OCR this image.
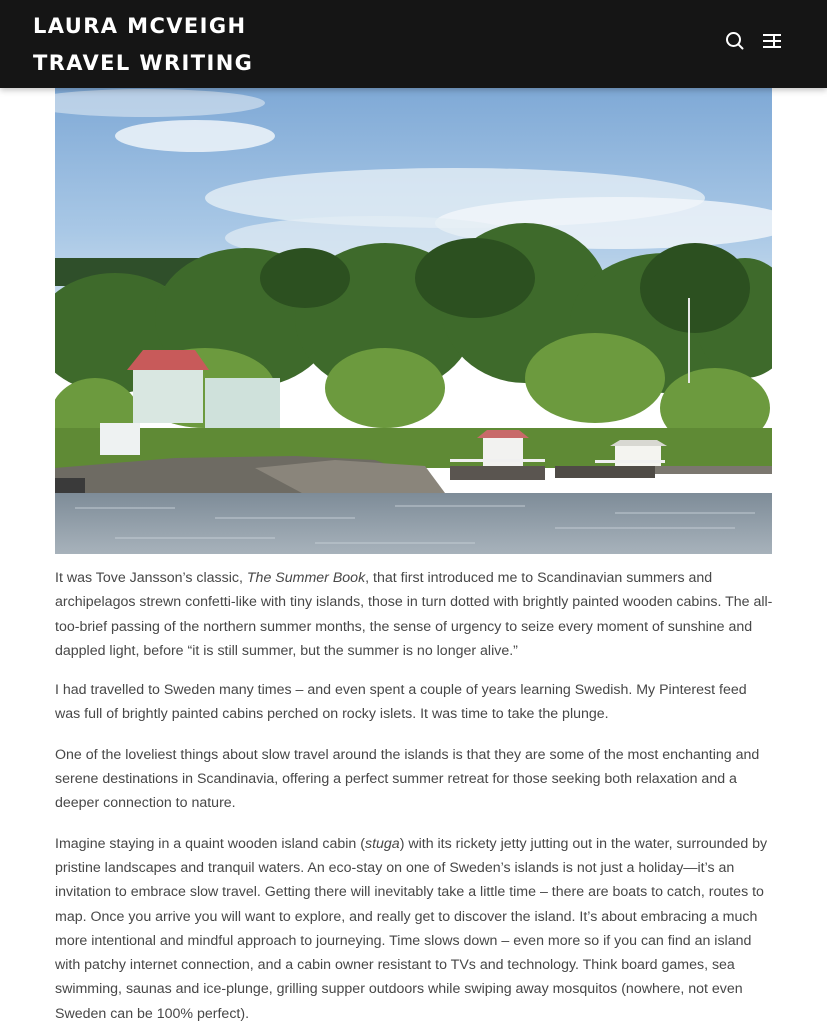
LAURA MCVEIGH
TRAVEL WRITING

It was Tove Jansson’s classic, The Summer Book, that first introduced me to Scandinavian summers and archipelagos strewn confetti-like with tiny islands, those in turn dotted with brightly painted wooden cabins. The all-too-brief passing of the northern summer months, the sense of urgency to seize every moment of sunshine and dappled light, before “it is still summer, but the summer is no longer alive.”

I had travelled to Sweden many times – and even spent a couple of years learning Swedish. My Pinterest feed was full of brightly painted cabins perched on rocky islets. It was time to take the plunge.

One of the loveliest things about slow travel around the islands is that they are some of the most enchanting and serene destinations in Scandinavia, offering a perfect summer retreat for those seeking both relaxation and a deeper connection to nature.

Imagine staying in a quaint wooden island cabin (stuga) with its rickety jetty jutting out in the water, surrounded by pristine landscapes and tranquil waters. An eco-stay on one of Sweden’s islands is not just a holiday—it’s an invitation to embrace slow travel. Getting there will inevitably take a little time – there are boats to catch, routes to map. Once you arrive you will want to explore, and really get to discover the island. It’s about embracing a much more intentional and mindful approach to journeying. Time slows down – even more so if you can find an island with patchy internet connection, and a cabin owner resistant to TVs and technology. Think board games, sea swimming, saunas and ice-plunge, grilling supper outdoors while swiping away mosquitos (nowhere, not even Sweden can be 100% perfect).
